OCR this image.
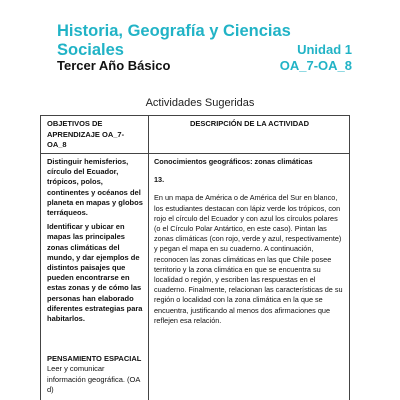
Historia, Geografía y Ciencias Sociales
Tercer Año Básico
Unidad 1
OA_7-OA_8
Actividades Sugeridas
OBJETIVOS DE APRENDIZAJE OA_7-OA_8
DESCRIPCIÓN DE LA ACTIVIDAD

Distinguir hemisferios, círculo del Ecuador, trópicos, polos, continentes y océanos del planeta en mapas y globos terráqueos.

Identificar y ubicar en mapas las principales zonas climáticas del mundo, y dar ejemplos de distintos paisajes que pueden encontrarse en estas zonas y de cómo las personas han elaborado diferentes estrategias para habitarlos.

PENSAMIENTO ESPACIAL

Leer y comunicar información geográfica. (OA d)

Conocimientos geográficos: zonas climáticas

13.

En un mapa de América o de América del Sur en blanco, los estudiantes destacan con lápiz verde los trópicos, con rojo el círculo del Ecuador y con azul los círculos polares (o el Círculo Polar Antártico, en este caso). Pintan las zonas climáticas (con rojo, verde y azul, respectivamente) y pegan el mapa en su cuaderno. A continuación, reconocen las zonas climáticas en las que Chile posee territorio y la zona climática en que se encuentra su localidad o región, y escriben las respuestas en el cuaderno. Finalmente, relacionan las características de su región o localidad con la zona climática en la que se encuentra, justificando al menos dos afirmaciones que reflejen esa relación.
